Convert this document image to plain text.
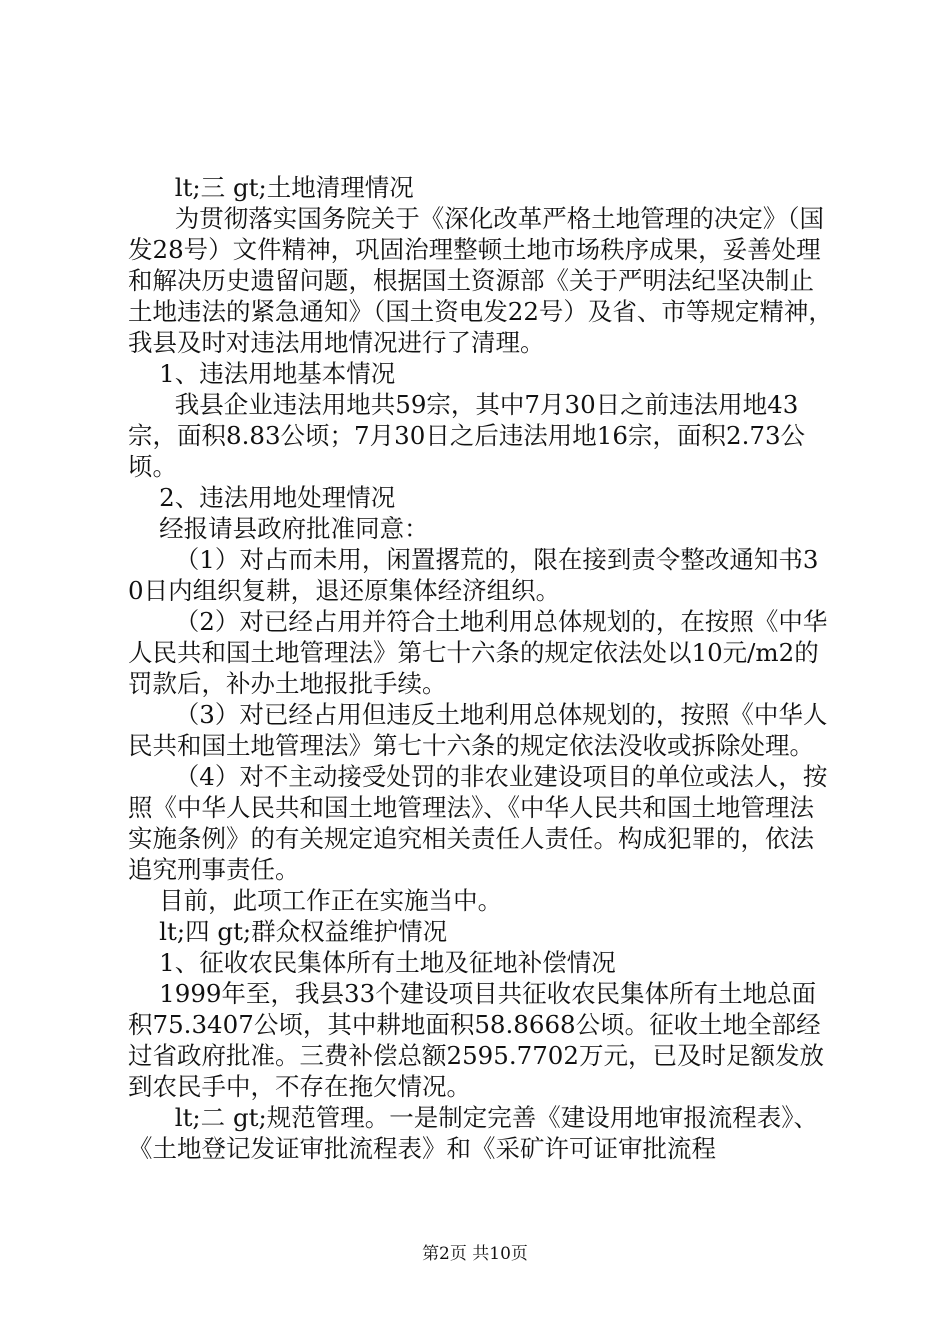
lt;三 gt;土地清理情况

为贯彻落实国务院关于《深化改革严格土地管理的决定》（国发28号）文件精神，巩固治理整顿土地市场秩序成果，妥善处理和解决历史遗留问题，根据国土资源部《关于严明法纪坚决制止土地违法的紧急通知》（国土资电发22号）及省、市等规定精神，我县及时对违法用地情况进行了清理。

1、违法用地基本情况

我县企业违法用地共59宗，其中7月30日之前违法用地43宗，面积8.83公顷；7月30日之后违法用地16宗，面积2.73公顷。

2、违法用地处理情况

经报请县政府批准同意：

（1）对占而未用，闲置撂荒的，限在接到责令整改通知书30日内组织复耕，退还原集体经济组织。

（2）对已经占用并符合土地利用总体规划的，在按照《中华人民共和国土地管理法》第七十六条的规定依法处以10元/m2的罚款后，补办土地报批手续。

（3）对已经占用但违反土地利用总体规划的，按照《中华人民共和国土地管理法》第七十六条的规定依法没收或拆除处理。

（4）对不主动接受处罚的非农业建设项目的单位或法人，按照《中华人民共和国土地管理法》、《中华人民共和国土地管理法实施条例》的有关规定追究相关责任人责任。构成犯罪的，依法追究刑事责任。

目前，此项工作正在实施当中。

lt;四 gt;群众权益维护情况

1、征收农民集体所有土地及征地补偿情况

1999年至，我县33个建设项目共征收农民集体所有土地总面积75.3407公顷，其中耕地面积58.8668公顷。征收土地全部经过省政府批准。三费补偿总额2595.7702万元，已及时足额发放到农民手中，不存在拖欠情况。

lt;二 gt;规范管理。一是制定完善《建设用地审报流程表》、《土地登记发证审批流程表》和《采矿许可证审批流程

第2页 共10页
